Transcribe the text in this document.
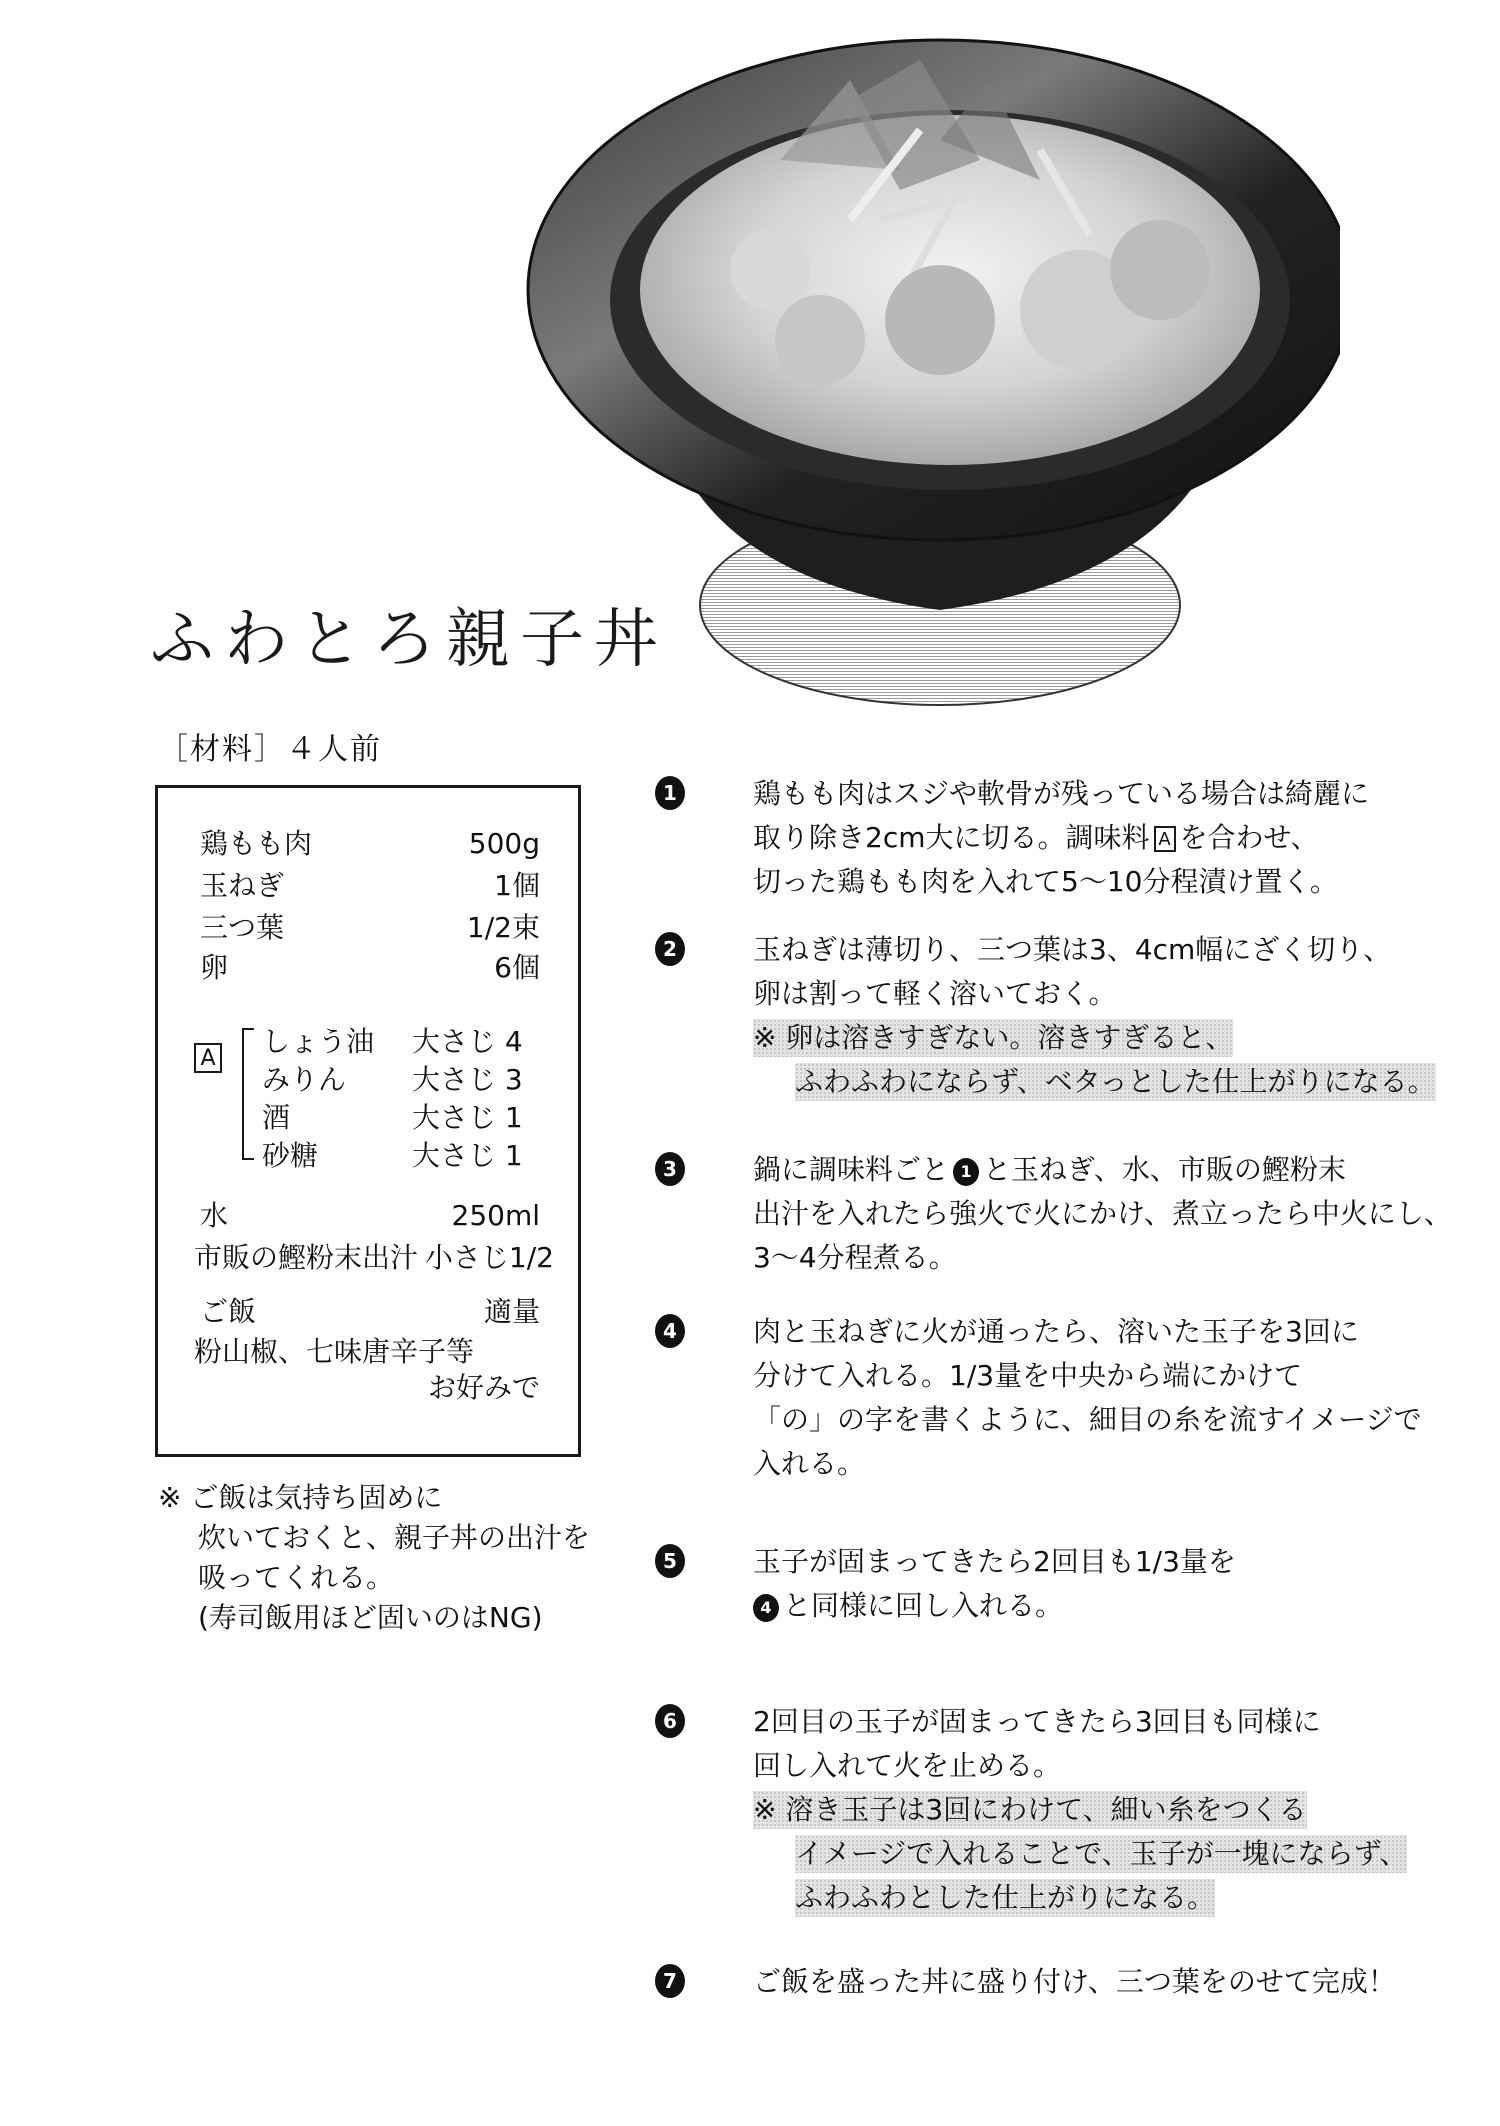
ふわとろ親子丼
［材料］４人前
鶏もも肉	500g
玉ねぎ	1個
三つ葉	1/2束
卵	6個
A
しょう油 大さじ 4
みりん 大さじ 3
酒	大さじ 1
砂糖	大さじ 1
水	250ml
市販の鰹粉末出汁 小さじ1/2
ご飯	適量
粉山椒、七味唐辛子等
お好みで
※ ご飯は気持ち固めに
炊いておくと、親子丼の出汁を
吸ってくれる。
(寿司飯用ほど固いのはNG)
1	鶏もも肉はスジや軟骨が残っている場合は綺麗に
取り除き2cm大に切る。調味料 A を合わせ、
切った鶏もも肉を入れて5～10分程漬け置く。
2	玉ねぎは薄切り、三つ葉は3、4cm幅にざく切り、
卵は割って軽く溶いておく。
※ 卵は溶きすぎない。溶きすぎると、
ふわふわにならず、ベタっとした仕上がりになる。
3	鍋に調味料ごと 1 と玉ねぎ、水、市販の鰹粉末
出汁を入れたら強火で火にかけ、煮立ったら中火にし、
3～4分程煮る。
4	肉と玉ねぎに火が通ったら、溶いた玉子を3回に
分けて入れる。1/3量を中央から端にかけて
「の」の字を書くように、細目の糸を流すイメージで
入れる。
5	玉子が固まってきたら2回目も1/3量を
4 と同様に回し入れる。
6	2回目の玉子が固まってきたら3回目も同様に
回し入れて火を止める。
※ 溶き玉子は3回にわけて、細い糸をつくる
イメージで入れることで、玉子が一塊にならず、
ふわふわとした仕上がりになる。
7	ご飯を盛った丼に盛り付け、三つ葉をのせて完成！
